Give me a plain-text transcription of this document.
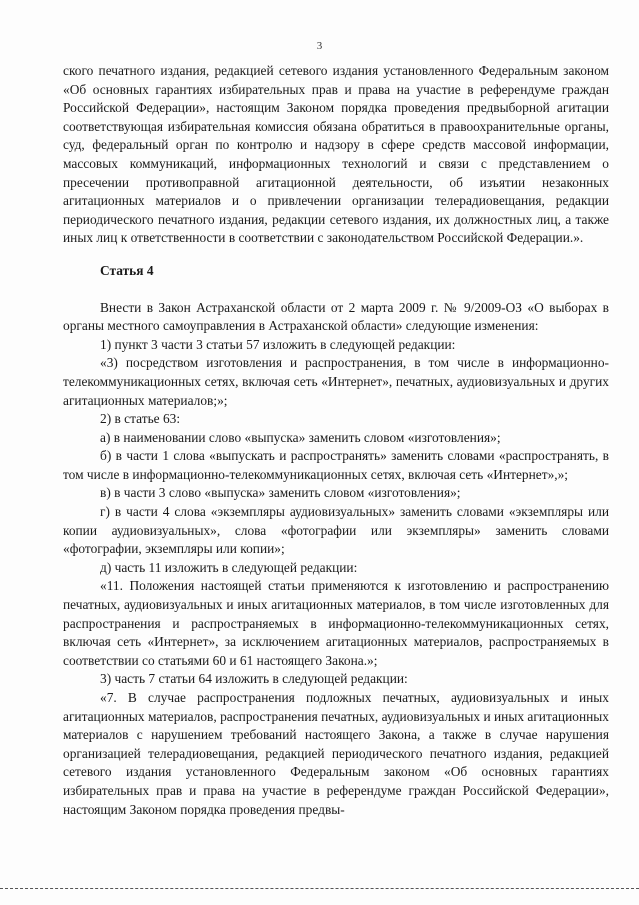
3

ского печатного издания, редакцией сетевого издания установленного Федеральным законом «Об основных гарантиях избирательных прав и права на участие в референдуме граждан Российской Федерации», настоящим Законом порядка проведения предвыборной агитации соответствующая избирательная комиссия обязана обратиться в правоохранительные органы, суд, федеральный орган по контролю и надзору в сфере средств массовой информации, массовых коммуникаций, информационных технологий и связи с представлением о пресечении противоправной агитационной деятельности, об изъятии незаконных агитационных материалов и о привлечении организации телерадиовещания, редакции периодического печатного издания, редакции сетевого издания, их должностных лиц, а также иных лиц к ответственности в соответствии с законодательством Российской Федерации.».

Статья 4

Внести в Закон Астраханской области от 2 марта 2009 г. № 9/2009-ОЗ «О выборах в органы местного самоуправления в Астраханской области» следующие изменения:

1) пункт 3 части 3 статьи 57 изложить в следующей редакции:

«3) посредством изготовления и распространения, в том числе в информационно-телекоммуникационных сетях, включая сеть «Интернет», печатных, аудиовизуальных и других агитационных материалов;»;

2) в статье 63:

а) в наименовании слово «выпуска» заменить словом «изготовления»;

б) в части 1 слова «выпускать и распространять» заменить словами «распространять, в том числе в информационно-телекоммуникационных сетях, включая сеть «Интернет»,»;

в) в части 3 слово «выпуска» заменить словом «изготовления»;

г) в части 4 слова «экземпляры аудиовизуальных» заменить словами «экземпляры или копии аудиовизуальных», слова «фотографии или экземпляры» заменить словами «фотографии, экземпляры или копии»;

д) часть 11 изложить в следующей редакции:

«11. Положения настоящей статьи применяются к изготовлению и распространению печатных, аудиовизуальных и иных агитационных материалов, в том числе изготовленных для распространения и распространяемых в информационно-телекоммуникационных сетях, включая сеть «Интернет», за исключением агитационных материалов, распространяемых в соответствии со статьями 60 и 61 настоящего Закона.»;

3) часть 7 статьи 64 изложить в следующей редакции:

«7. В случае распространения подложных печатных, аудиовизуальных и иных агитационных материалов, распространения печатных, аудиовизуальных и иных агитационных материалов с нарушением требований настоящего Закона, а также в случае нарушения организацией телерадиовещания, редакцией периодического печатного издания, редакцией сетевого издания установленного Федеральным законом «Об основных гарантиях избирательных прав и права на участие в референдуме граждан Российской Федерации», настоящим Законом порядка проведения предвы-
